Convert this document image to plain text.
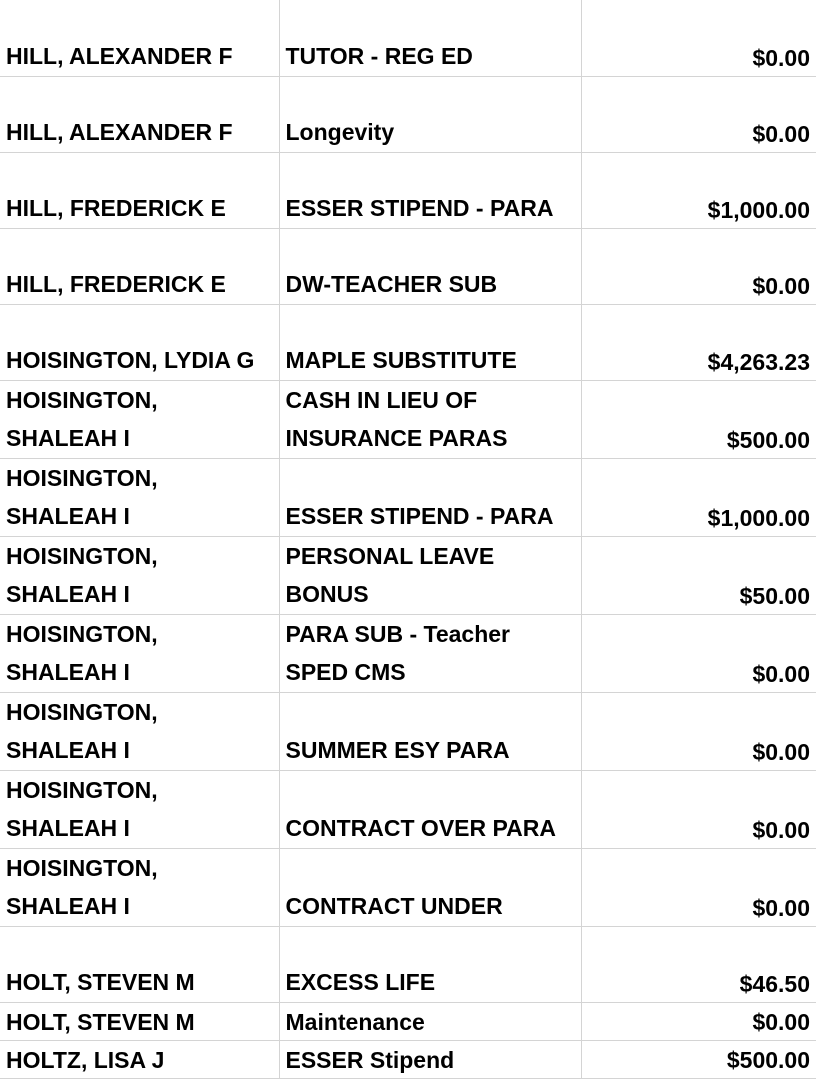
HILL, ALEXANDER F	TUTOR - REG ED	$0.00
HILL, ALEXANDER F	Longevity	$0.00
HILL, FREDERICK E	ESSER STIPEND - PARA	$1,000.00
HILL, FREDERICK E	DW-TEACHER SUB	$0.00
HOISINGTON, LYDIA G	MAPLE SUBSTITUTE	$4,263.23
HOISINGTON, SHALEAH I	CASH IN LIEU OF INSURANCE PARAS	$500.00
HOISINGTON, SHALEAH I	ESSER STIPEND - PARA	$1,000.00
HOISINGTON, SHALEAH I	PERSONAL LEAVE BONUS	$50.00
HOISINGTON, SHALEAH I	PARA SUB - Teacher SPED CMS	$0.00
HOISINGTON, SHALEAH I	SUMMER ESY PARA	$0.00
HOISINGTON, SHALEAH I	CONTRACT OVER PARA	$0.00
HOISINGTON, SHALEAH I	CONTRACT UNDER	$0.00
HOLT, STEVEN M	EXCESS LIFE	$46.50
HOLT, STEVEN M	Maintenance	$0.00
HOLTZ, LISA J	ESSER Stipend	$500.00
